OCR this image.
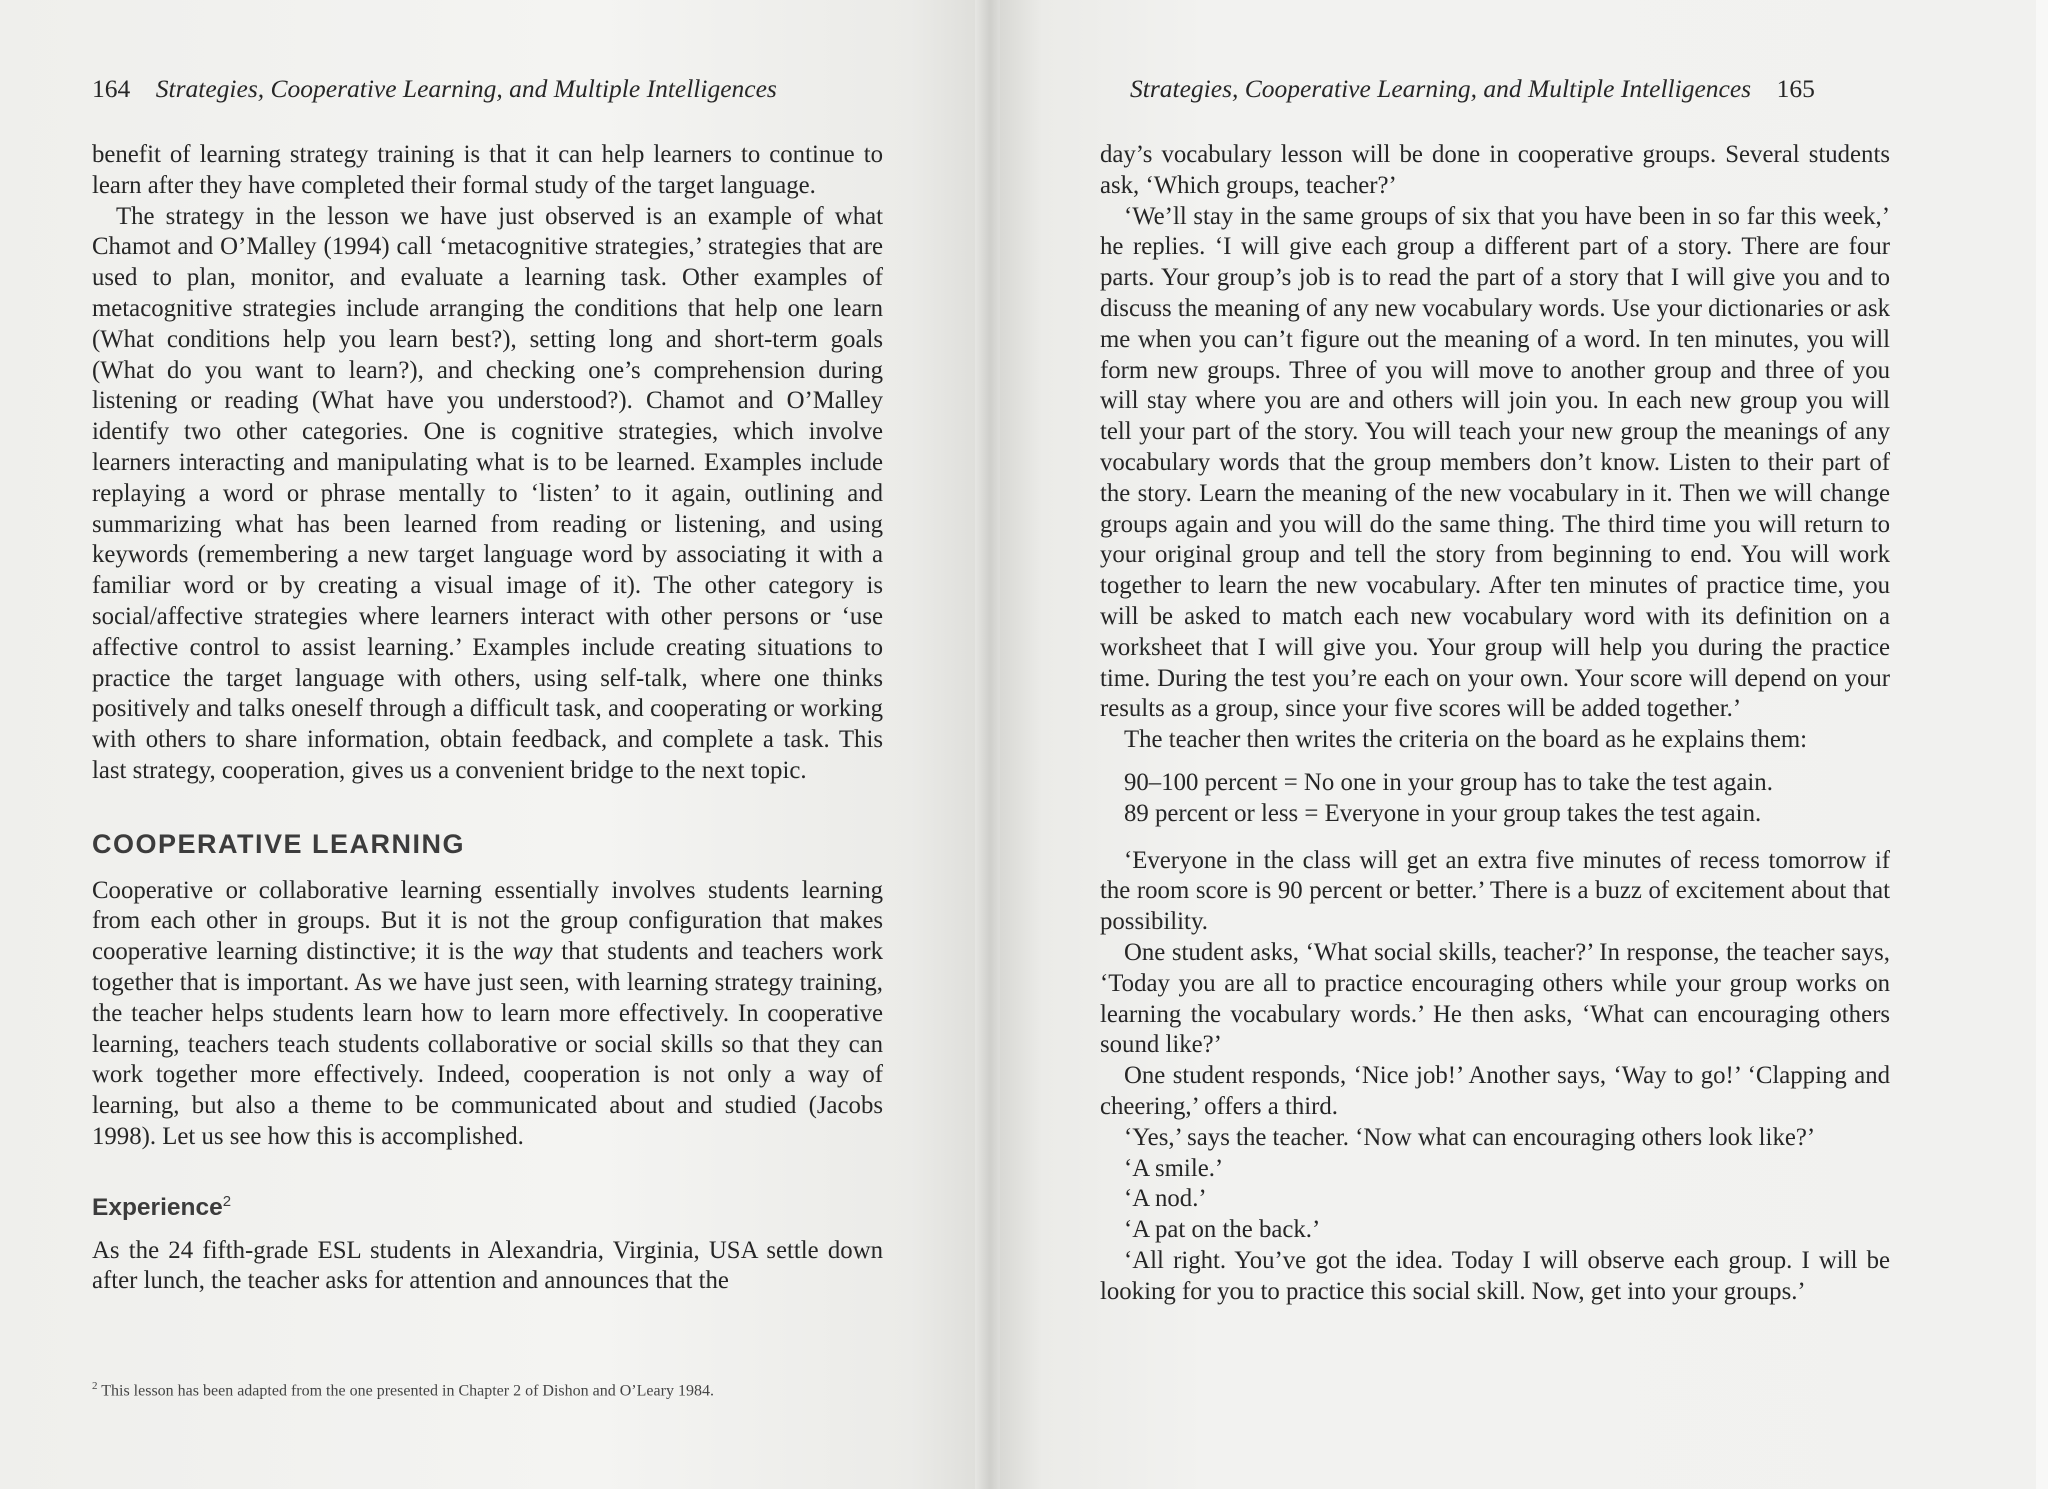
164 Strategies, Cooperative Learning, and Multiple Intelligences

benefit of learning strategy training is that it can help learners to continue to learn after they have completed their formal study of the target language.

The strategy in the lesson we have just observed is an example of what Chamot and O’Malley (1994) call ‘metacognitive strategies,’ strategies that are used to plan, monitor, and evaluate a learning task. Other examples of metacognitive strategies include arranging the conditions that help one learn (What conditions help you learn best?), setting long and short-term goals (What do you want to learn?), and checking one’s comprehension during listening or reading (What have you understood?). Chamot and O’Malley identify two other categories. One is cognitive strategies, which involve learners interacting and manipulating what is to be learned. Examples include replaying a word or phrase mentally to ‘listen’ to it again, outlining and summarizing what has been learned from reading or listening, and using keywords (remembering a new target language word by associating it with a familiar word or by creating a visual image of it). The other category is social/affective strategies where learners interact with other persons or ‘use affective control to assist learning.’ Examples include creating situations to practice the target language with others, using self-talk, where one thinks positively and talks oneself through a difficult task, and cooperating or working with others to share information, obtain feedback, and complete a task. This last strategy, cooperation, gives us a convenient bridge to the next topic.

COOPERATIVE LEARNING

Cooperative or collaborative learning essentially involves students learning from each other in groups. But it is not the group configuration that makes cooperative learning distinctive; it is the way that students and teachers work together that is important. As we have just seen, with learning strategy training, the teacher helps students learn how to learn more effectively. In cooperative learning, teachers teach students collaborative or social skills so that they can work together more effectively. Indeed, cooperation is not only a way of learning, but also a theme to be communicated about and studied (Jacobs 1998). Let us see how this is accomplished.

Experience$^2$

As the 24 fifth-grade ESL students in Alexandria, Virginia, USA settle down after lunch, the teacher asks for attention and announces that the

$^2$ This lesson has been adapted from the one presented in Chapter 2 of Dishon and O’Leary 1984.
Strategies, Cooperative Learning, and Multiple Intelligences 165

day’s vocabulary lesson will be done in cooperative groups. Several students ask, ‘Which groups, teacher?’

‘We’ll stay in the same groups of six that you have been in so far this week,’ he replies. ‘I will give each group a different part of a story. There are four parts. Your group’s job is to read the part of a story that I will give you and to discuss the meaning of any new vocabulary words. Use your dictionaries or ask me when you can’t figure out the meaning of a word. In ten minutes, you will form new groups. Three of you will move to another group and three of you will stay where you are and others will join you. In each new group you will tell your part of the story. You will teach your new group the meanings of any vocabulary words that the group members don’t know. Listen to their part of the story. Learn the meaning of the new vocabulary in it. Then we will change groups again and you will do the same thing. The third time you will return to your original group and tell the story from beginning to end. You will work together to learn the new vocabulary. After ten minutes of practice time, you will be asked to match each new vocabulary word with its definition on a worksheet that I will give you. Your group will help you during the practice time. During the test you’re each on your own. Your score will depend on your results as a group, since your five scores will be added together.’

The teacher then writes the criteria on the board as he explains them:

90–100 percent = No one in your group has to take the test again.
89 percent or less = Everyone in your group takes the test again.

‘Everyone in the class will get an extra five minutes of recess tomorrow if the room score is 90 percent or better.’ There is a buzz of excitement about that possibility.

One student asks, ‘What social skills, teacher?’ In response, the teacher says, ‘Today you are all to practice encouraging others while your group works on learning the vocabulary words.’ He then asks, ‘What can encouraging others sound like?’

One student responds, ‘Nice job!’ Another says, ‘Way to go!’ ‘Clapping and cheering,’ offers a third.

‘Yes,’ says the teacher. ‘Now what can encouraging others look like?’

‘A smile.’

‘A nod.’

‘A pat on the back.’

‘All right. You’ve got the idea. Today I will observe each group. I will be looking for you to practice this social skill. Now, get into your groups.’
